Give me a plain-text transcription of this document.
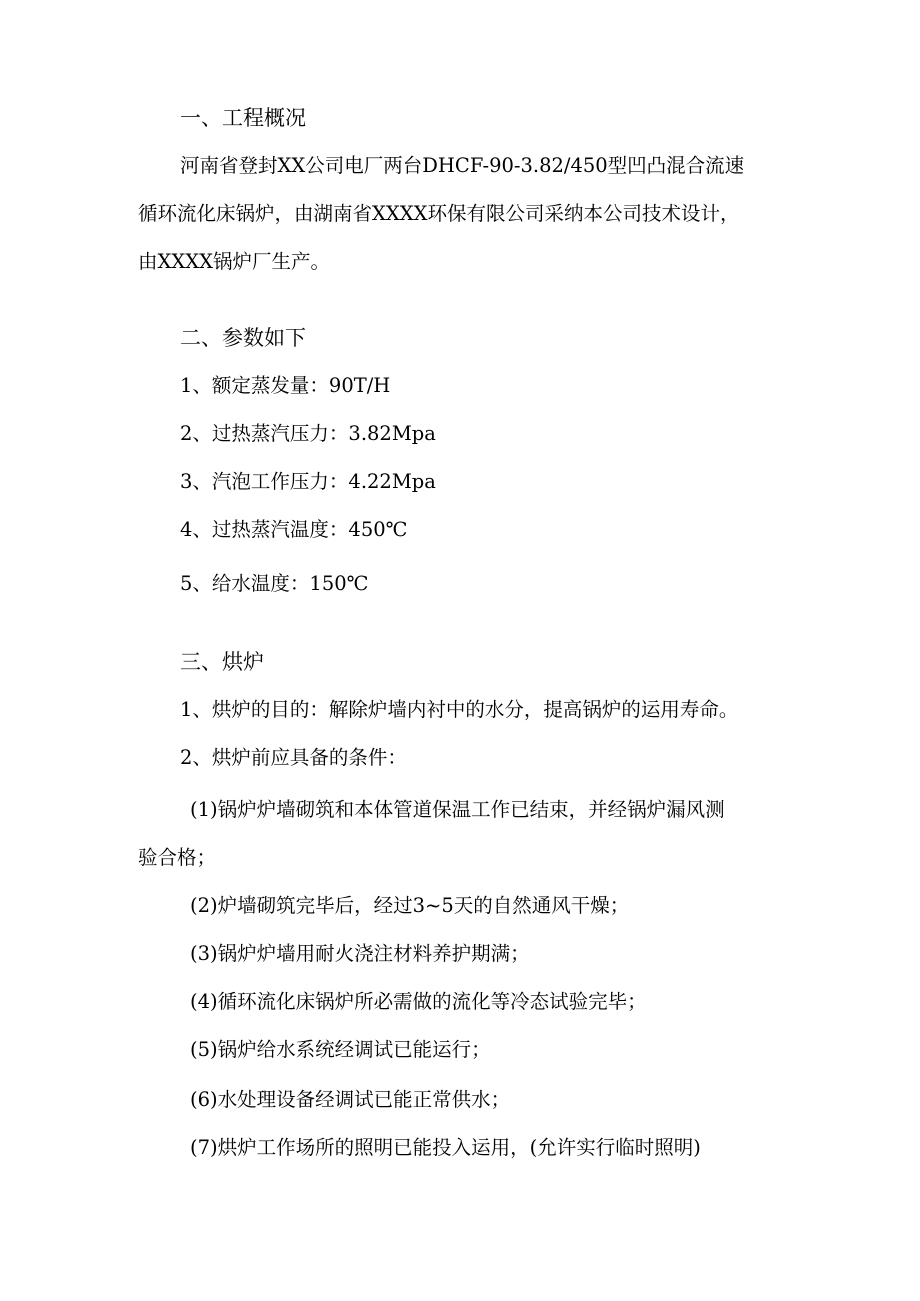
一、工程概况
河南省登封XX公司电厂两台DHCF-90-3.82/450型凹凸混合流速
循环流化床锅炉，由湖南省XXXX环保有限公司采纳本公司技术设计，
由XXXX锅炉厂生产。
二、参数如下
1、额定蒸发量：90T/H
2、过热蒸汽压力：3.82Mpa
3、汽泡工作压力：4.22Mpa
4、过热蒸汽温度：450℃
5、给水温度：150℃
三、烘炉
1、烘炉的目的：解除炉墙内衬中的水分，提高锅炉的运用寿命。
2、烘炉前应具备的条件：
(1)锅炉炉墙砌筑和本体管道保温工作已结束，并经锅炉漏风测
验合格；
(2)炉墙砌筑完毕后，经过3~5天的自然通风干燥；
(3)锅炉炉墙用耐火浇注材料养护期满；
(4)循环流化床锅炉所必需做的流化等冷态试验完毕；
(5)锅炉给水系统经调试已能运行；
(6)水处理设备经调试已能正常供水；
(7)烘炉工作场所的照明已能投入运用，(允许实行临时照明)
